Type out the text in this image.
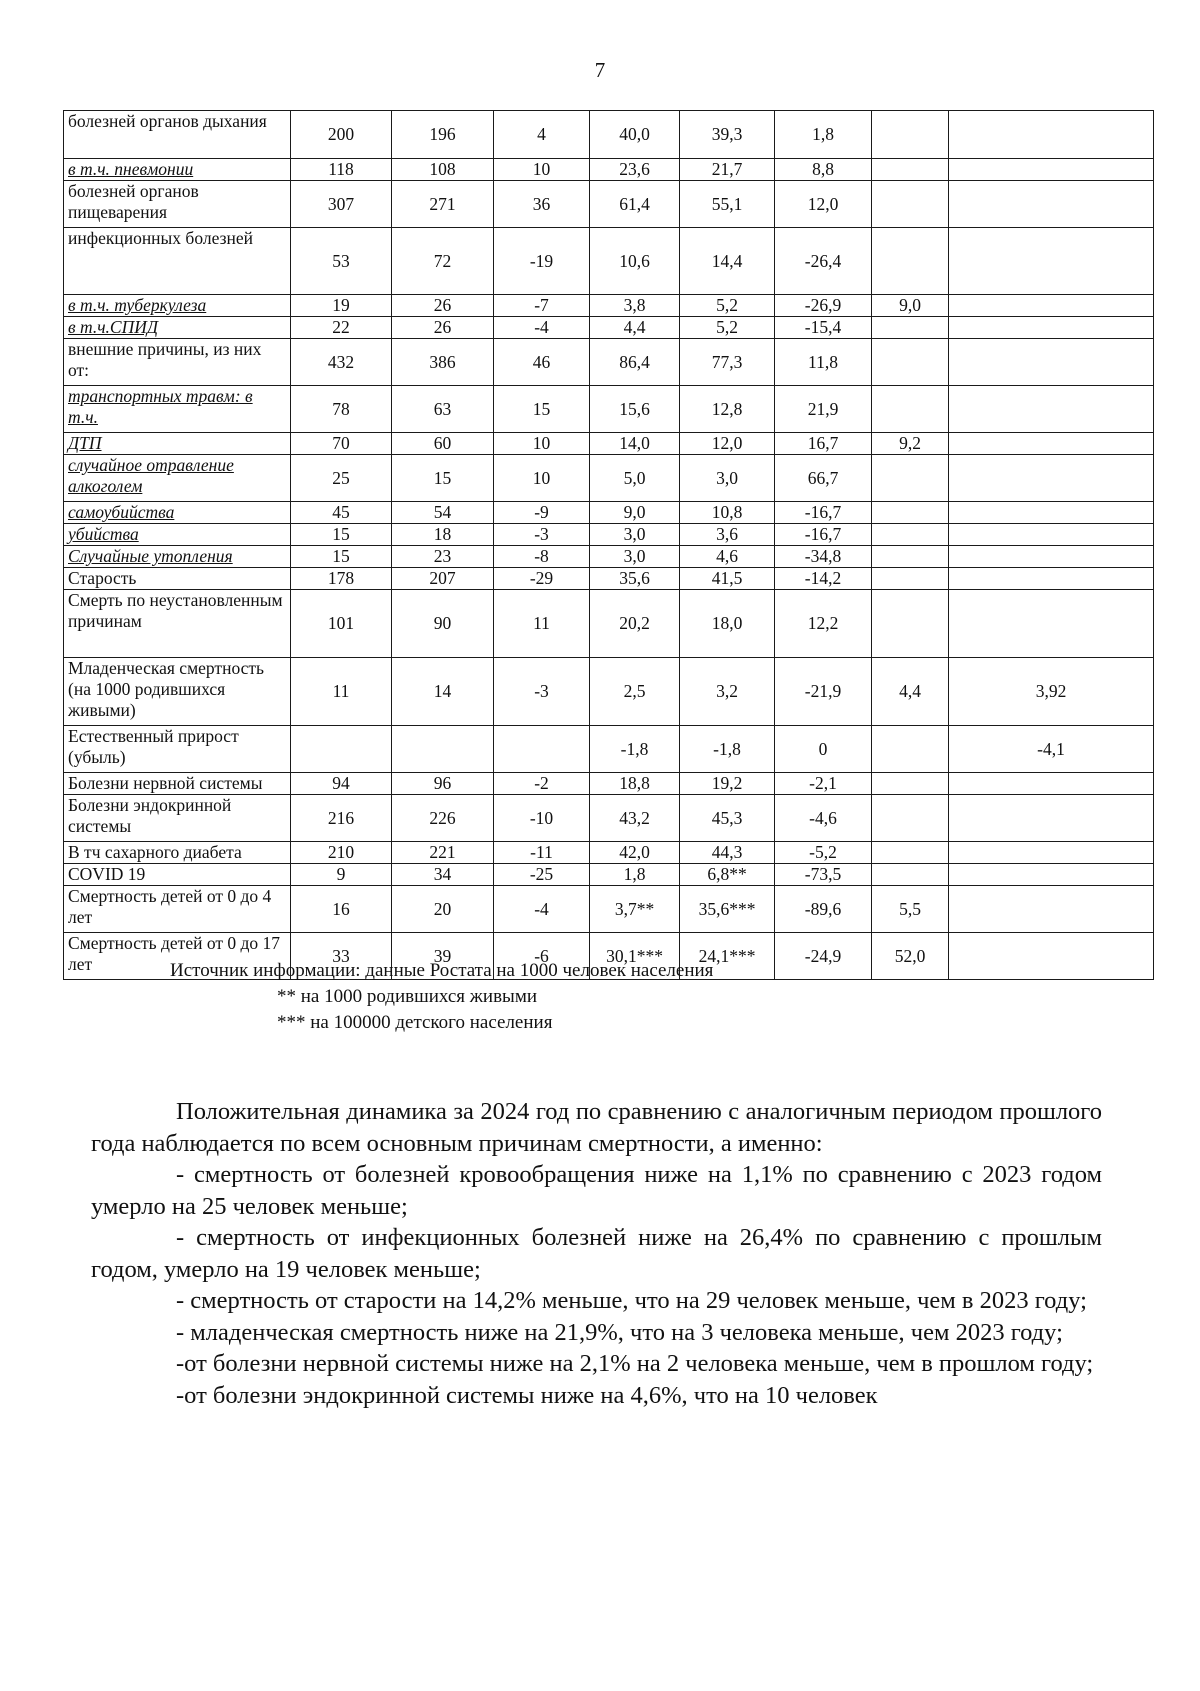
7
болезней органов дыхания	200	196	4	40,0	39,3	1,8		
в т.ч. пневмонии	118	108	10	23,6	21,7	8,8		
болезней органов пищеварения	307	271	36	61,4	55,1	12,0		
инфекционных болезней	53	72	-19	10,6	14,4	-26,4		
в т.ч. туберкулеза	19	26	-7	3,8	5,2	-26,9	9,0	
в т.ч.СПИД	22	26	-4	4,4	5,2	-15,4		
внешние причины, из них от:	432	386	46	86,4	77,3	11,8		
транспортных травм: в т.ч.	78	63	15	15,6	12,8	21,9		
ДТП	70	60	10	14,0	12,0	16,7	9,2	
случайное отравление алкоголем	25	15	10	5,0	3,0	66,7		
самоубийства	45	54	-9	9,0	10,8	-16,7		
убийства	15	18	-3	3,0	3,6	-16,7		
Случайные утопления	15	23	-8	3,0	4,6	-34,8		
Старость	178	207	-29	35,6	41,5	-14,2		
Смерть по неустановленным причинам	101	90	11	20,2	18,0	12,2		
Младенческая смертность (на 1000 родившихся живыми)	11	14	-3	2,5	3,2	-21,9	4,4	3,92
Естественный прирост (убыль)				-1,8	-1,8	0		-4,1
Болезни нервной системы	94	96	-2	18,8	19,2	-2,1		
Болезни эндокринной системы	216	226	-10	43,2	45,3	-4,6		
В тч сахарного диабета	210	221	-11	42,0	44,3	-5,2		
COVID 19	9	34	-25	1,8	6,8**	-73,5		
Смертность детей от 0 до 4 лет	16	20	-4	3,7**	35,6***	-89,6	5,5	
Смертность детей от 0 до 17 лет	33	39	-6	30,1***	24,1***	-24,9	52,0	
Источник информации: данные Ростата на 1000 человек населения
** на 1000 родившихся живыми
*** на 100000 детского населения

Положительная динамика за 2024 год по сравнению с аналогичным периодом прошлого года наблюдается по всем основным причинам смертности, а именно:

- смертность от болезней кровообращения ниже на 1,1% по сравнению с 2023 годом умерло на 25 человек меньше;

- смертность от инфекционных болезней ниже на 26,4% по сравнению с прошлым годом, умерло на 19 человек меньше;

- смертность от старости на 14,2% меньше, что на 29 человек меньше, чем в 2023 году;

- младенческая смертность ниже на 21,9%, что на 3 человека меньше, чем 2023 году;

-от болезни нервной системы ниже на 2,1% на 2 человека меньше, чем в прошлом году;

-от болезни эндокринной системы ниже на 4,6%, что на 10 человек
